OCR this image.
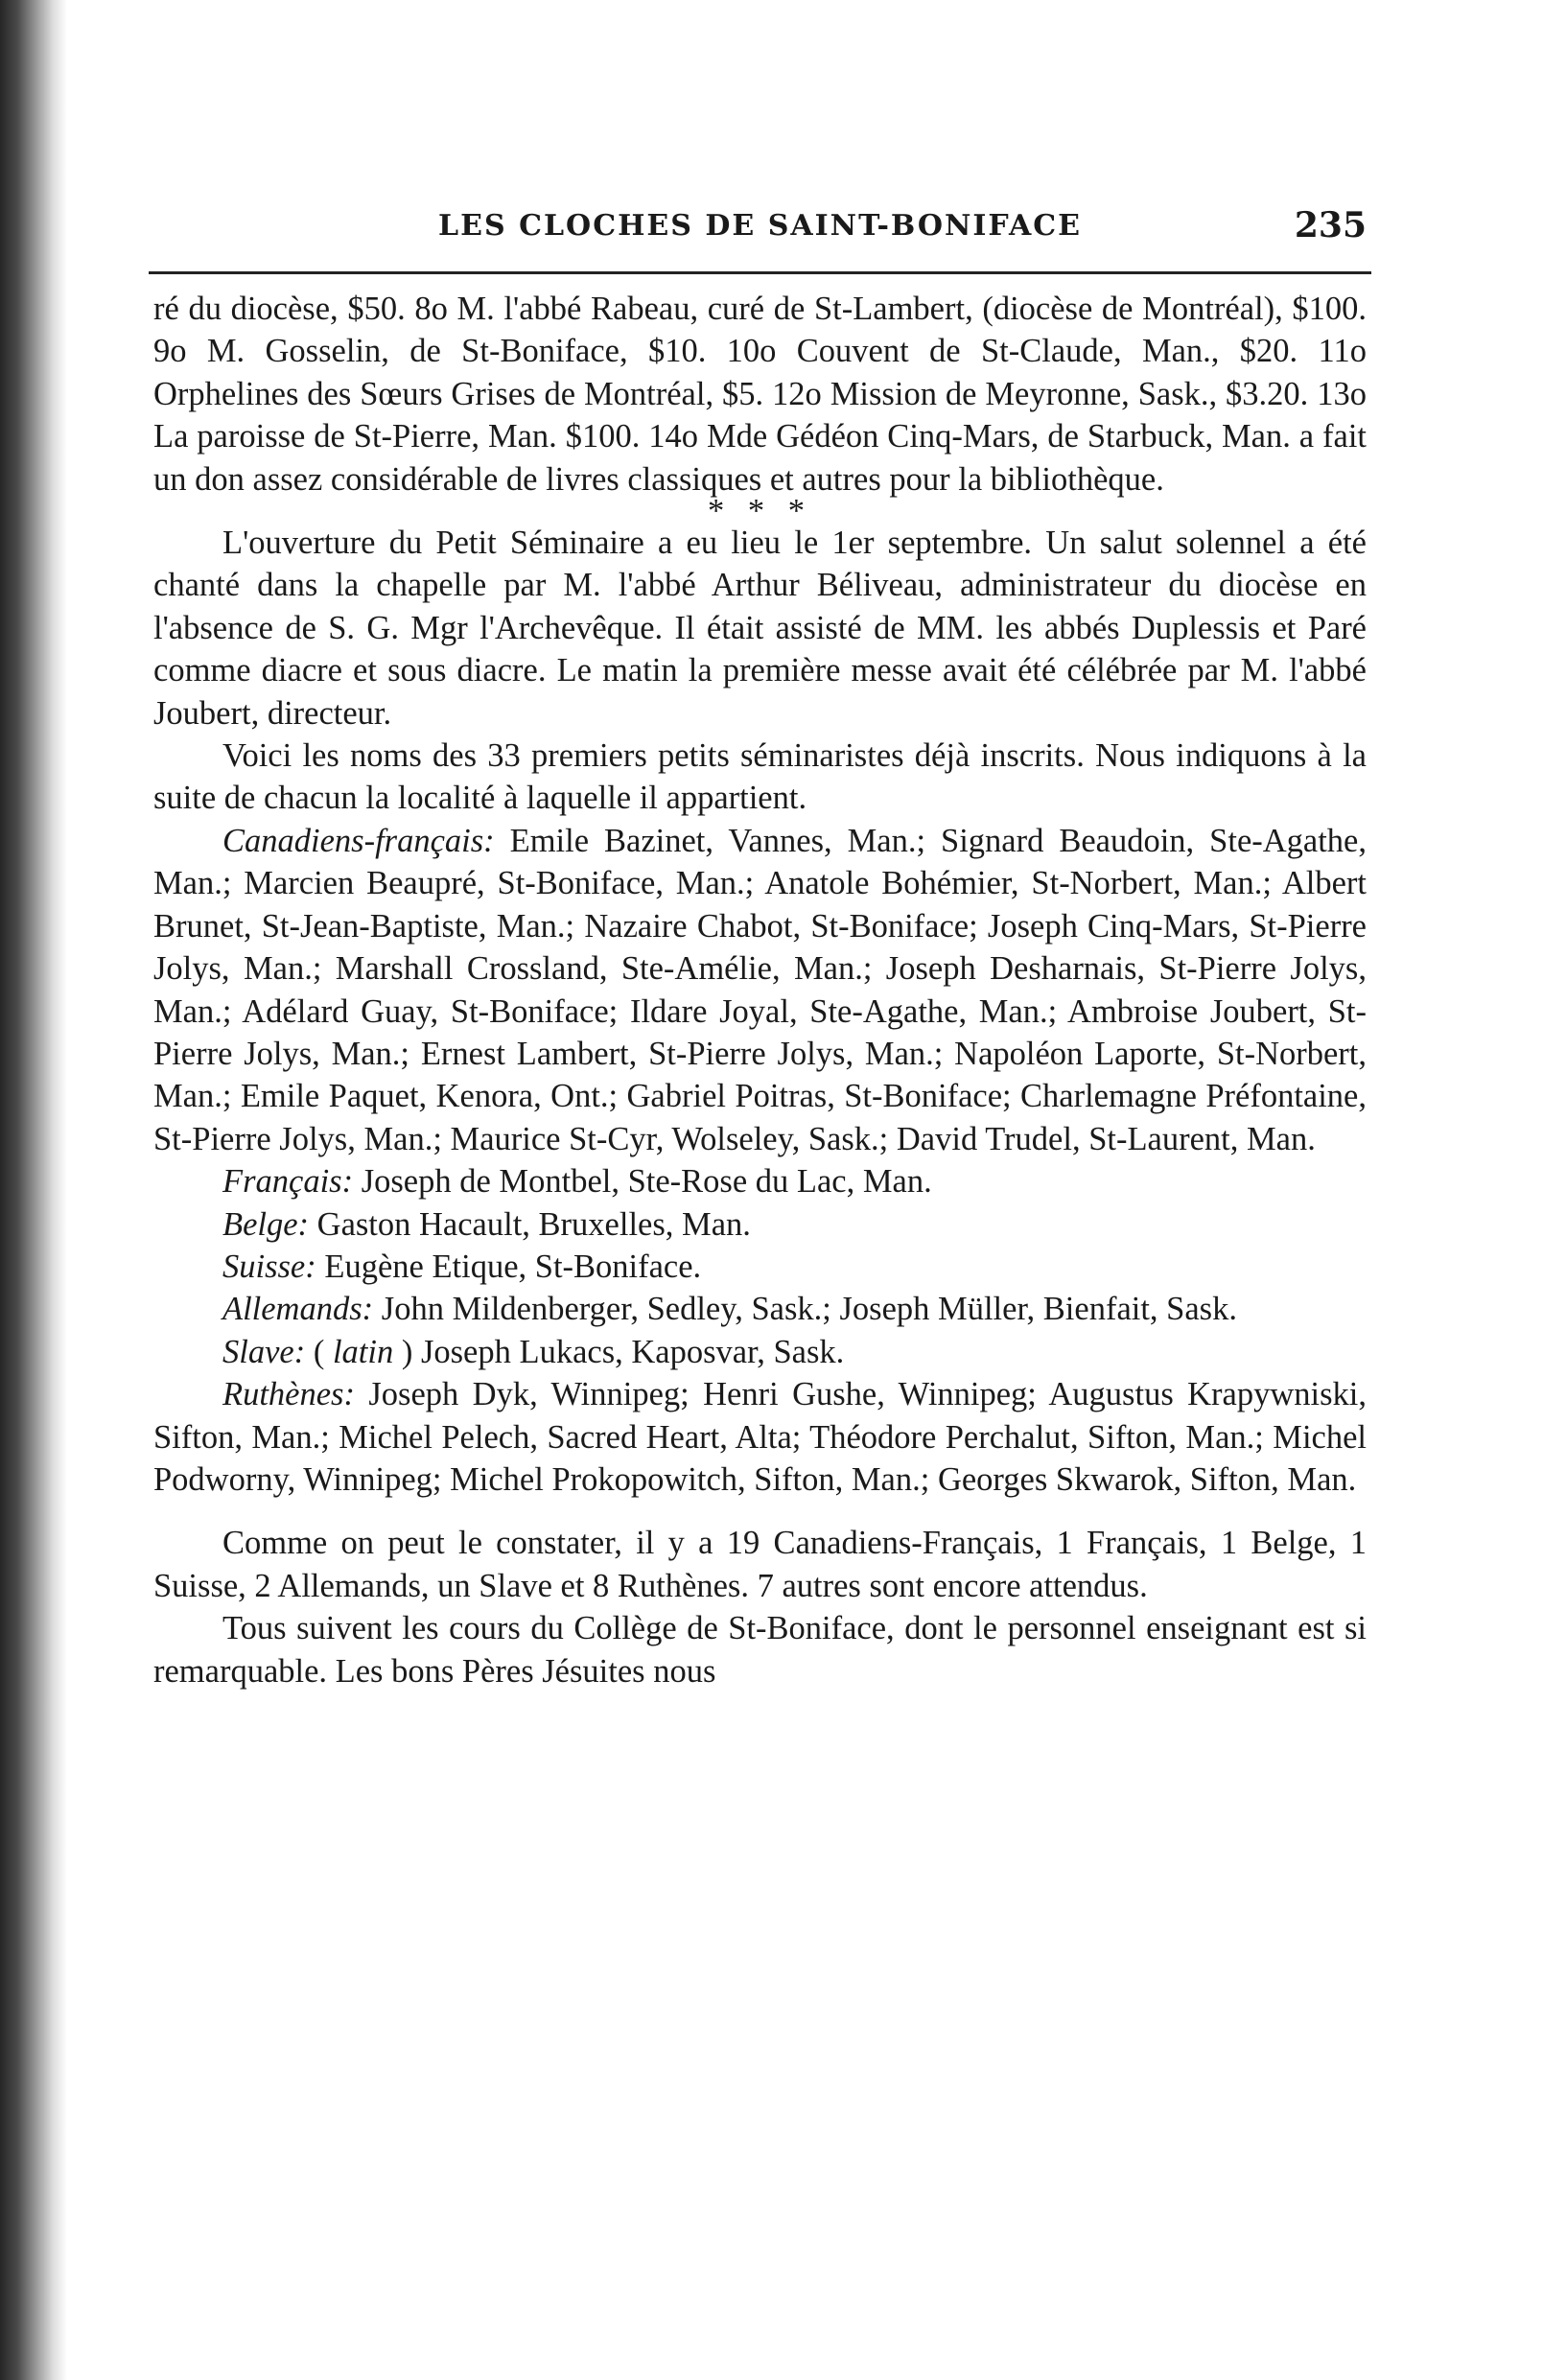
LES CLOCHES DE SAINT-BONIFACE	235

ré du diocèse, $50. 8o M. l'abbé Rabeau, curé de St-Lambert, (diocèse de Montréal), $100. 9o M. Gosselin, de St-Boniface, $10. 10o Couvent de St-Claude, Man., $20. 11o Orphelines des Sœurs Grises de Montréal, $5. 12o Mission de Meyronne, Sask., $3.20. 13o La paroisse de St-Pierre, Man. $100. 14o Mde Gédéon Cinq-Mars, de Starbuck, Man. a fait un don assez considérable de livres classiques et autres pour la bibliothèque.

* * *

L'ouverture du Petit Séminaire a eu lieu le 1er septembre. Un salut solennel a été chanté dans la chapelle par M. l'abbé Arthur Béliveau, administrateur du diocèse en l'absence de S. G. Mgr l'Archevêque. Il était assisté de MM. les abbés Duplessis et Paré comme diacre et sous diacre. Le matin la première messe avait été célébrée par M. l'abbé Joubert, directeur.

Voici les noms des 33 premiers petits séminaristes déjà inscrits. Nous indiquons à la suite de chacun la localité à laquelle il appartient.

Canadiens-français: Emile Bazinet, Vannes, Man.; Signard Beaudoin, Ste-Agathe, Man.; Marcien Beaupré, St-Boniface, Man.; Anatole Bohémier, St-Norbert, Man.; Albert Brunet, St-Jean-Baptiste, Man.; Nazaire Chabot, St-Boniface; Joseph Cinq-Mars, St-Pierre Jolys, Man.; Marshall Crossland, Ste-Amélie, Man.; Joseph Desharnais, St-Pierre Jolys, Man.; Adélard Guay, St-Boniface; Ildare Joyal, Ste-Agathe, Man.; Ambroise Joubert, St-Pierre Jolys, Man.; Ernest Lambert, St-Pierre Jolys, Man.; Napoléon Laporte, St-Norbert, Man.; Emile Paquet, Kenora, Ont.; Gabriel Poitras, St-Boniface; Charlemagne Préfontaine, St-Pierre Jolys, Man.; Maurice St-Cyr, Wolseley, Sask.; David Trudel, St-Laurent, Man.

Français: Joseph de Montbel, Ste-Rose du Lac, Man.

Belge: Gaston Hacault, Bruxelles, Man.

Suisse: Eugène Etique, St-Boniface.

Allemands: John Mildenberger, Sedley, Sask.; Joseph Müller, Bienfait, Sask.

Slave: ( latin ) Joseph Lukacs, Kaposvar, Sask.

Ruthènes: Joseph Dyk, Winnipeg; Henri Gushe, Winnipeg; Augustus Krapywniski, Sifton, Man.; Michel Pelech, Sacred Heart, Alta; Théodore Perchalut, Sifton, Man.; Michel Podworny, Winnipeg; Michel Prokopowitch, Sifton, Man.; Georges Skwarok, Sifton, Man.

Comme on peut le constater, il y a 19 Canadiens-Français, 1 Français, 1 Belge, 1 Suisse, 2 Allemands, un Slave et 8 Ruthènes. 7 autres sont encore attendus.

Tous suivent les cours du Collège de St-Boniface, dont le personnel enseignant est si remarquable. Les bons Pères Jésuites nous
